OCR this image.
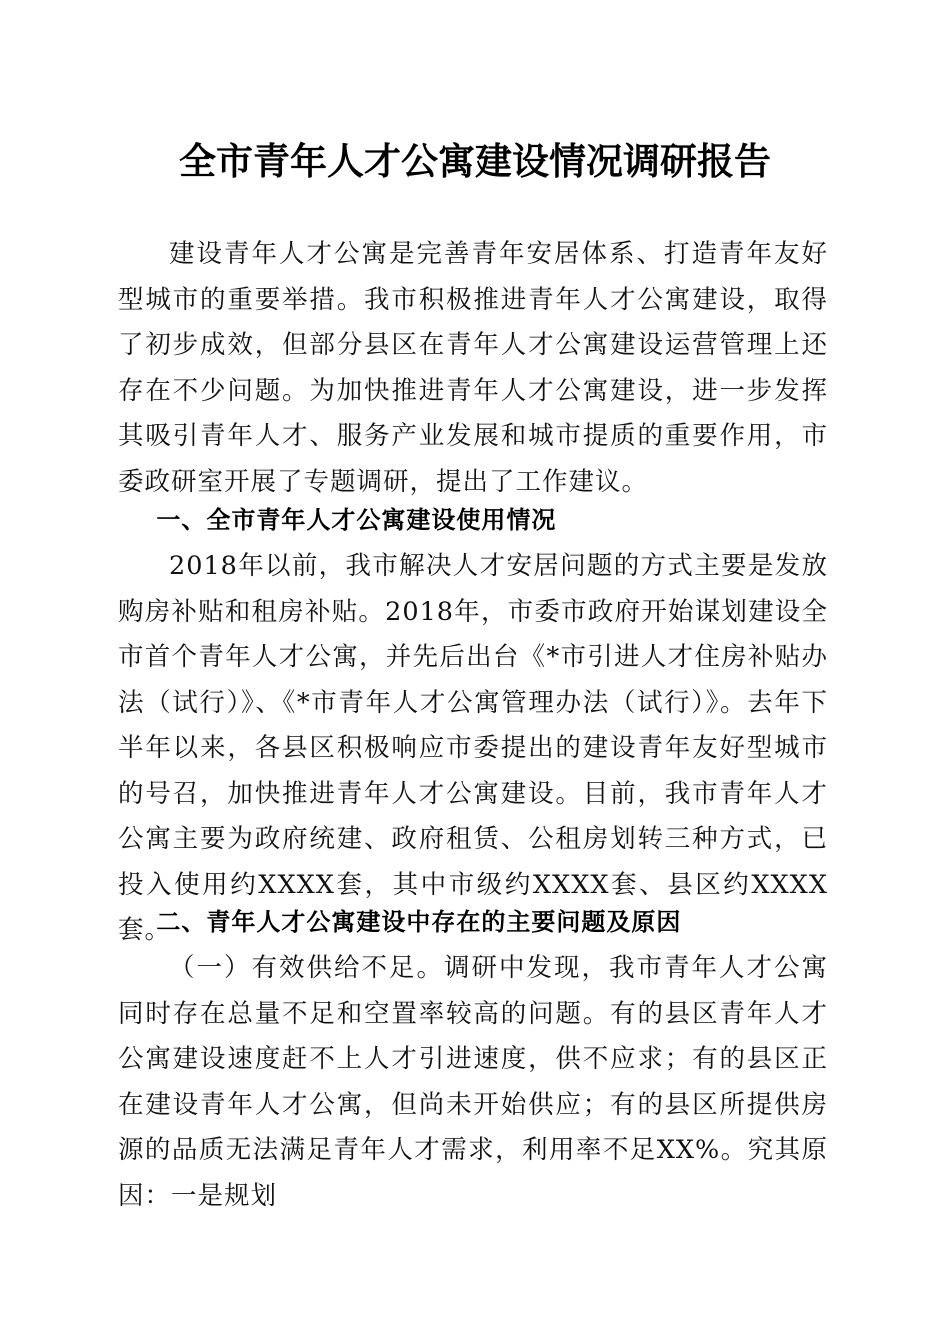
全市青年人才公寓建设情况调研报告

建设青年人才公寓是完善青年安居体系、打造青年友好型城市的重要举措。我市积极推进青年人才公寓建设，取得了初步成效，但部分县区在青年人才公寓建设运营管理上还存在不少问题。为加快推进青年人才公寓建设，进一步发挥其吸引青年人才、服务产业发展和城市提质的重要作用，市委政研室开展了专题调研，提出了工作建议。

一、全市青年人才公寓建设使用情况

2018年以前，我市解决人才安居问题的方式主要是发放购房补贴和租房补贴。2018年，市委市政府开始谋划建设全市首个青年人才公寓，并先后出台《*市引进人才住房补贴办法（试行）》、《*市青年人才公寓管理办法（试行）》。去年下半年以来，各县区积极响应市委提出的建设青年友好型城市的号召，加快推进青年人才公寓建设。目前，我市青年人才公寓主要为政府统建、政府租赁、公租房划转三种方式，已投入使用约XXXX套，其中市级约XXXX套、县区约XXXX套。

二、青年人才公寓建设中存在的主要问题及原因

（一）有效供给不足。调研中发现，我市青年人才公寓同时存在总量不足和空置率较高的问题。有的县区青年人才公寓建设速度赶不上人才引进速度，供不应求；有的县区正在建设青年人才公寓，但尚未开始供应；有的县区所提供房源的品质无法满足青年人才需求，利用率不足XX%。究其原因：一是规划
